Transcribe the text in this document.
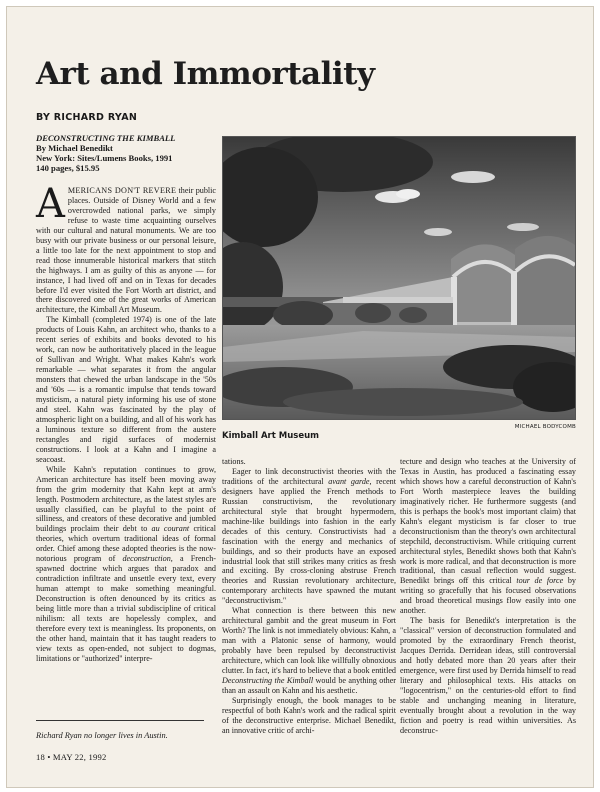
Art and Immortality
BY RICHARD RYAN
DECONSTRUCTING THE KIMBALL
By Michael Benedikt
New York: Sites/Lumens Books, 1991
140 pages, $15.95

AMERICANS DON'T REVERE their public places. Outside of Disney World and a few overcrowded national parks, we simply refuse to waste time acquainting ourselves with our cultural and natural monuments. We are too busy with our private business or our personal leisure, a little too late for the next appointment to stop and read those innumerable historical markers that stitch the highways. I am as guilty of this as anyone — for instance, I had lived off and on in Texas for decades before I'd ever visited the Fort Worth art district, and there discovered one of the great works of American architecture, the Kimball Art Museum.

The Kimball (completed 1974) is one of the late products of Louis Kahn, an architect who, thanks to a recent series of exhibits and books devoted to his work, can now be authoritatively placed in the league of Sullivan and Wright. What makes Kahn's work remarkable — what separates it from the angular monsters that chewed the urban landscape in the '50s and '60s — is a romantic impulse that tends toward mysticism, a natural piety informing his use of stone and steel. Kahn was fascinated by the play of atmospheric light on a building, and all of his work has a luminous texture so different from the austere rectangles and rigid surfaces of modernist constructions. I look at a Kahn and I imagine a seacoast.

While Kahn's reputation continues to grow, American architecture has itself been moving away from the grim modernity that Kahn kept at arm's length. Postmodern architecture, as the latest styles are usually classified, can be playful to the point of silliness, and creators of these decorative and jumbled buildings proclaim their debt to au courant critical theories, which overturn traditional ideas of formal order. Chief among these adopted theories is the now-notorious program of deconstruction, a French-spawned doctrine which argues that paradox and contradiction infiltrate and unsettle every text, every human attempt to make something meaningful. Deconstruction is often denounced by its critics as being little more than a trivial subdiscipline of critical nihilism: all texts are hopelessly complex, and therefore every text is meaningless. Its proponents, on the other hand, maintain that it has taught readers to view texts as open-ended, not subject to dogmas, limitations or "authorized" interpre-

MICHAEL BODYCOMB
Kimball Art Museum

tations.

Eager to link deconstructivist theories with the traditions of the architectural avant garde, recent designers have applied the French methods to Russian constructivism, the revolutionary architectural style that brought hypermodern, machine-like buildings into fashion in the early decades of this century. Constructivists had a fascination with the energy and mechanics of buildings, and so their products have an exposed industrial look that still strikes many critics as fresh and exciting. By cross-cloning abstruse French theories and Russian revolutionary architecture, contemporary architects have spawned the mutant "deconstructivism."

What connection is there between this new architectural gambit and the great museum in Fort Worth? The link is not immediately obvious: Kahn, a man with a Platonic sense of harmony, would probably have been repulsed by deconstructivist architecture, which can look like willfully obnoxious clutter. In fact, it's hard to believe that a book entitled Deconstructing the Kimball would be anything other than an assault on Kahn and his aesthetic.

Surprisingly enough, the book manages to be respectful of both Kahn's work and the radical spirit of the deconstructive enterprise. Michael Benedikt, an innovative critic of archi-

tecture and design who teaches at the University of Texas in Austin, has produced a fascinating essay which shows how a careful deconstruction of Kahn's Fort Worth masterpiece leaves the building imaginatively richer. He furthermore suggests (and this is perhaps the book's most important claim) that Kahn's elegant mysticism is far closer to true deconstructionism than the theory's own architectural stepchild, deconstructivism. While critiquing current architectural styles, Benedikt shows both that Kahn's work is more radical, and that deconstruction is more traditional, than casual reflection would suggest. Benedikt brings off this critical tour de force by writing so gracefully that his focused observations and broad theoretical musings flow easily into one another.

The basis for Benedikt's interpretation is the "classical" version of deconstruction formulated and promoted by the extraordinary French theorist, Jacques Derrida. Derridean ideas, still controversial and hotly debated more than 20 years after their emergence, were first used by Derrida himself to read literary and philosophical texts. His attacks on "logocentrism," on the centuries-old effort to find stable and unchanging meaning in literature, eventually brought about a revolution in the way fiction and poetry is read within universities. As deconstruc-

Richard Ryan no longer lives in Austin.
18 • MAY 22, 1992
